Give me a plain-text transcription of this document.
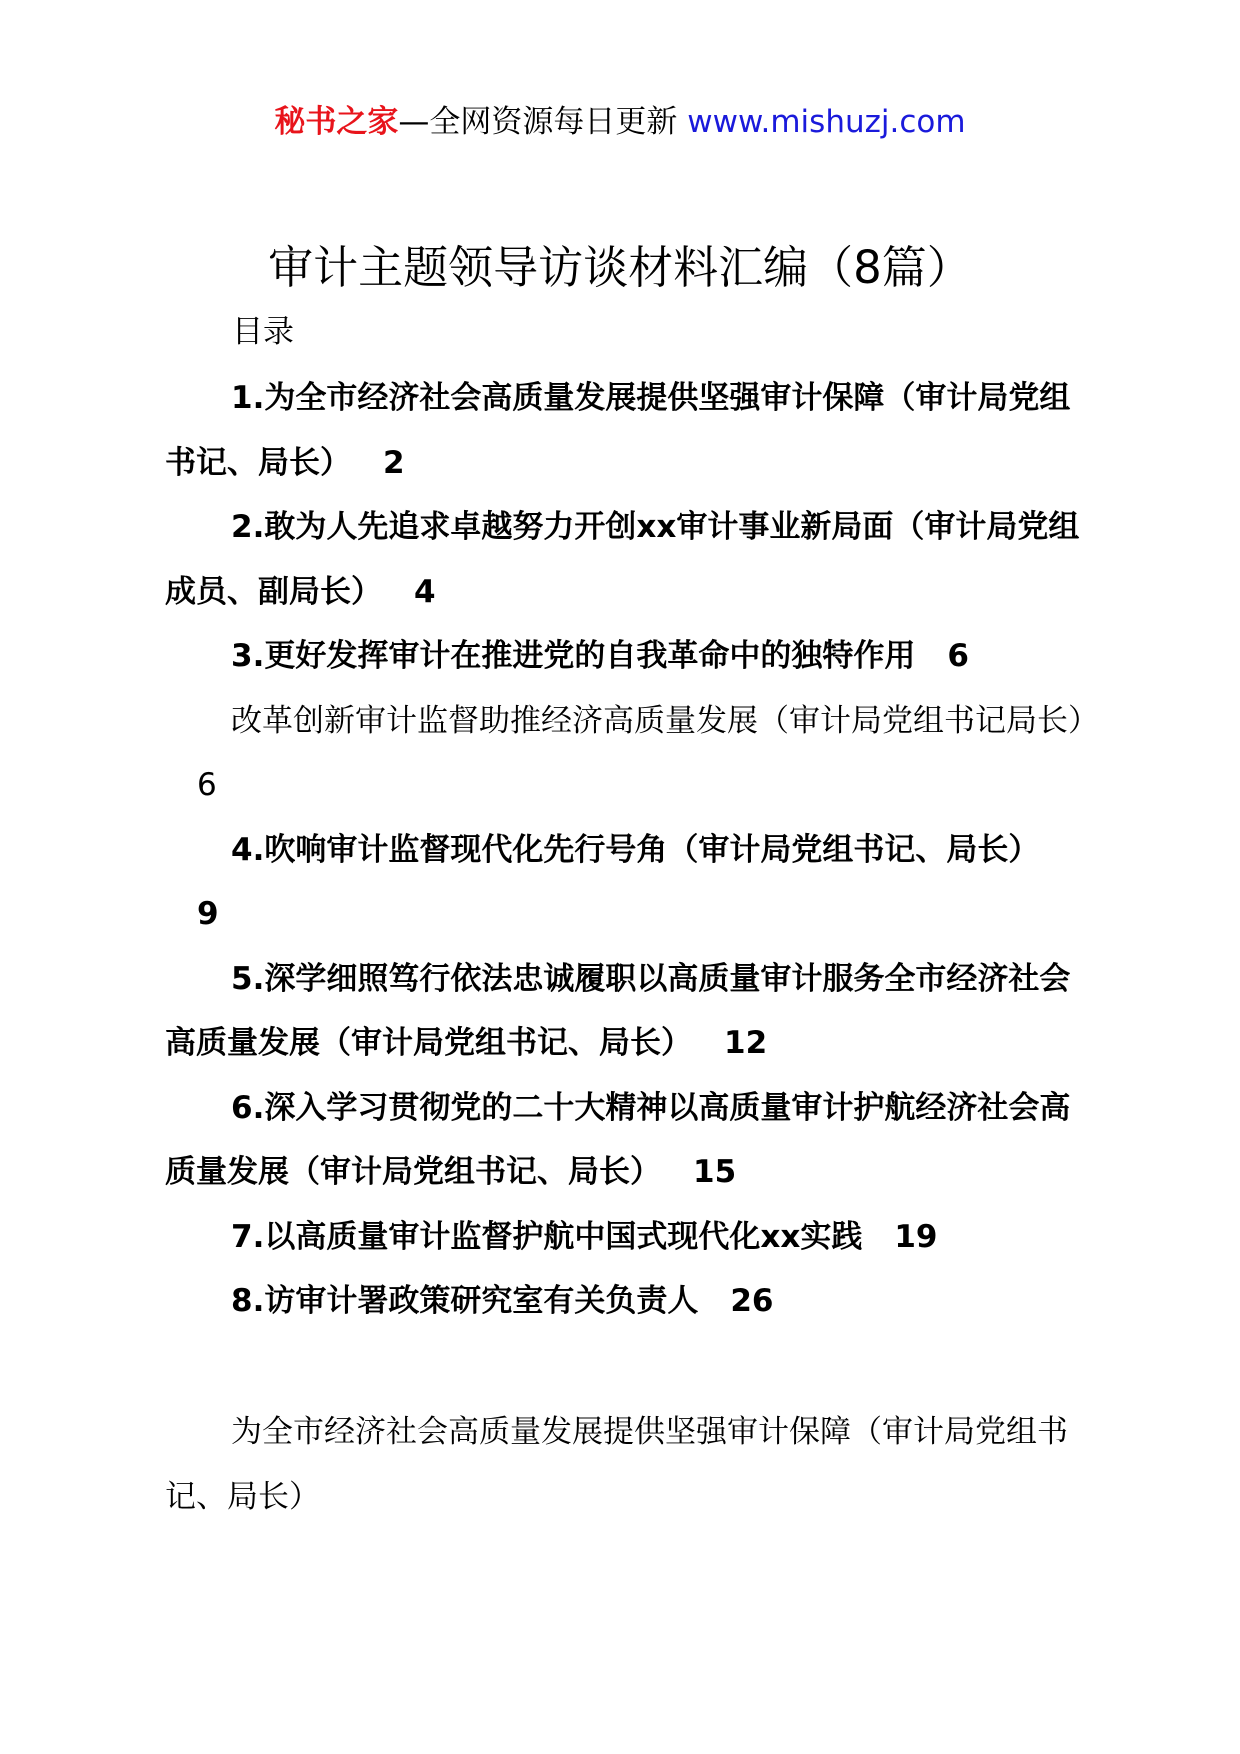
秘书之家—全网资源每日更新 www.mishuzj.com
审计主题领导访谈材料汇编（8篇）
目录

1.为全市经济社会高质量发展提供坚强审计保障（审计局党组书记、局长） 2

2.敢为人先追求卓越努力开创xx审计事业新局面（审计局党组成员、副局长） 4

3.更好发挥审计在推进党的自我革命中的独特作用 6

改革创新审计监督助推经济高质量发展（审计局党组书记局长）6

4.吹响审计监督现代化先行号角（审计局党组书记、局长）9

5.深学细照笃行依法忠诚履职以高质量审计服务全市经济社会高质量发展（审计局党组书记、局长） 12

6.深入学习贯彻党的二十大精神以高质量审计护航经济社会高质量发展（审计局党组书记、局长） 15

7.以高质量审计监督护航中国式现代化xx实践 19

8.访审计署政策研究室有关负责人 26

为全市经济社会高质量发展提供坚强审计保障（审计局党组书记、局长）
